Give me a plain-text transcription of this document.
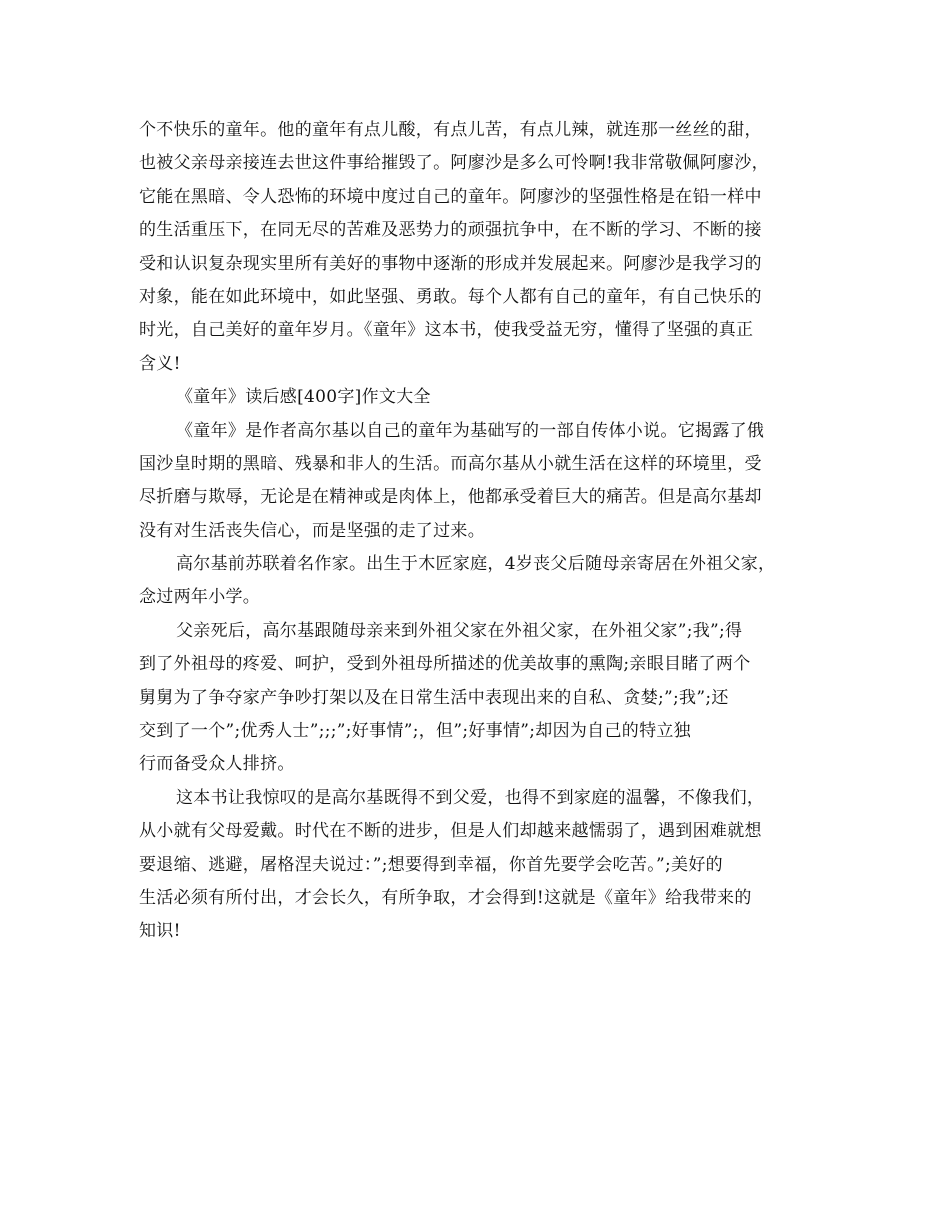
个不快乐的童年。他的童年有点儿酸，有点儿苦，有点儿辣，就连那一丝丝的甜，
也被父亲母亲接连去世这件事给摧毁了。阿廖沙是多么可怜啊!我非常敬佩阿廖沙，
它能在黑暗、令人恐怖的环境中度过自己的童年。阿廖沙的坚强性格是在铅一样中
的生活重压下，在同无尽的苦难及恶势力的顽强抗争中，在不断的学习、不断的接
受和认识复杂现实里所有美好的事物中逐渐的形成并发展起来。阿廖沙是我学习的
对象，能在如此环境中，如此坚强、勇敢。每个人都有自己的童年，有自己快乐的
时光，自己美好的童年岁月。《童年》这本书，使我受益无穷，懂得了坚强的真正
含义!
《童年》读后感[400字]作文大全
《童年》是作者高尔基以自己的童年为基础写的一部自传体小说。它揭露了俄
国沙皇时期的黑暗、残暴和非人的生活。而高尔基从小就生活在这样的环境里，受
尽折磨与欺辱，无论是在精神或是肉体上，他都承受着巨大的痛苦。但是高尔基却
没有对生活丧失信心，而是坚强的走了过来。
高尔基前苏联着名作家。出生于木匠家庭，4岁丧父后随母亲寄居在外祖父家，
念过两年小学。
父亲死后，高尔基跟随母亲来到外祖父家在外祖父家，在外祖父家”;我”;得
到了外祖母的疼爱、呵护，受到外祖母所描述的优美故事的熏陶;亲眼目睹了两个
舅舅为了争夺家产争吵打架以及在日常生活中表现出来的自私、贪婪;”;我”;还
交到了一个”;优秀人士”;;;”;好事情”;，但”;好事情”;却因为自己的特立独
行而备受众人排挤。
这本书让我惊叹的是高尔基既得不到父爱，也得不到家庭的温馨，不像我们，
从小就有父母爱戴。时代在不断的进步，但是人们却越来越懦弱了，遇到困难就想
要退缩、逃避，屠格涅夫说过：”;想要得到幸福，你首先要学会吃苦。”;美好的
生活必须有所付出，才会长久，有所争取，才会得到!这就是《童年》给我带来的
知识!
